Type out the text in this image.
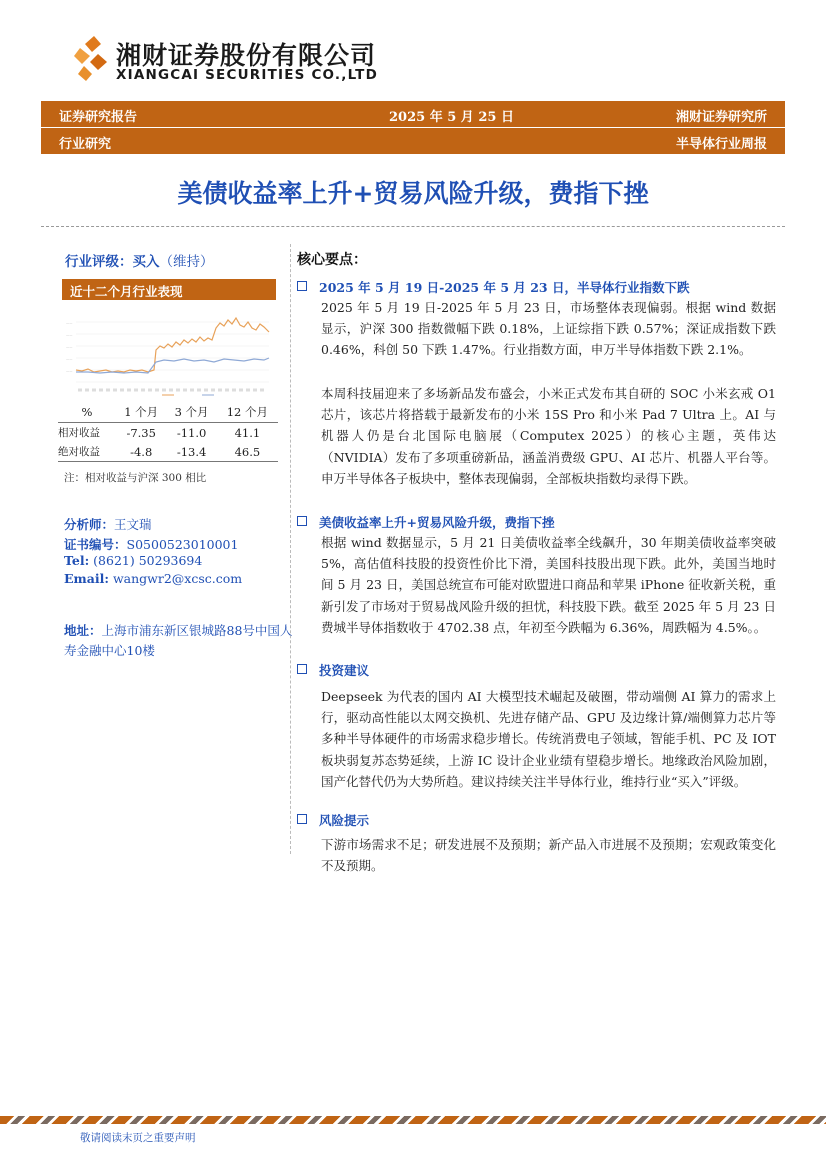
湘财证券股份有限公司
XIANGCAI SECURITIES CO.,LTD
证券研究报告	2025 年 5 月 25 日	湘财证券研究所
行业研究	半导体行业周报
美债收益率上升+贸易风险升级，费指下挫
行业评级：买入（维持）
近十二个月行业表现
——
——
——
——
——
%	1 个月	3 个月	12 个月
相对收益	-7.35	-11.0	41.1
绝对收益	-4.8	-13.4	46.5
注：相对收益与沪深 300 相比
分析师：王文瑞
证书编号：S0500523010001
Tel: (8621) 50293694
Email: wangwr2@xcsc.com
地址：上海市浦东新区银城路88号中国人寿金融中心10楼
核心要点：
2025 年 5 月 19 日-2025 年 5 月 23 日，半导体行业指数下跌
2025 年 5 月 19 日-2025 年 5 月 23 日，市场整体表现偏弱。根据 wind 数据显示，沪深 300 指数微幅下跌 0.18%，上证综指下跌 0.57%；深证成指数下跌 0.46%，科创 50 下跌 1.47%。行业指数方面，申万半导体指数下跌 2.1%。
本周科技届迎来了多场新品发布盛会，小米正式发布其自研的 SOC 小米玄戒 O1 芯片，该芯片将搭载于最新发布的小米 15S Pro 和小米 Pad 7 Ultra 上。AI 与机器人仍是台北国际电脑展（Computex 2025）的核心主题，英伟达（NVIDIA）发布了多项重磅新品，涵盖消费级 GPU、AI 芯片、机器人平台等。申万半导体各子板块中，整体表现偏弱，全部板块指数均录得下跌。
美债收益率上升+贸易风险升级，费指下挫
根据 wind 数据显示，5 月 21 日美债收益率全线飙升，30 年期美债收益率突破 5%，高估值科技股的投资性价比下滑，美国科技股出现下跌。此外，美国当地时间 5 月 23 日，美国总统宣布可能对欧盟进口商品和苹果 iPhone 征收新关税，重新引发了市场对于贸易战风险升级的担忧，科技股下跌。截至 2025 年 5 月 23 日费城半导体指数收于 4702.38 点，年初至今跌幅为 6.36%，周跌幅为 4.5%。。
投资建议
Deepseek 为代表的国内 AI 大模型技术崛起及破圈，带动端侧 AI 算力的需求上行，驱动高性能以太网交换机、先进存储产品、GPU 及边缘计算/端侧算力芯片等多种半导体硬件的市场需求稳步增长。传统消费电子领域，智能手机、PC 及 IOT 板块弱复苏态势延续，上游 IC 设计企业业绩有望稳步增长。地缘政治风险加剧，国产化替代仍为大势所趋。建议持续关注半导体行业，维持行业“买入”评级。
风险提示
下游市场需求不足；研发进展不及预期；新产品入市进展不及预期；宏观政策变化不及预期。
敬请阅读末页之重要声明
